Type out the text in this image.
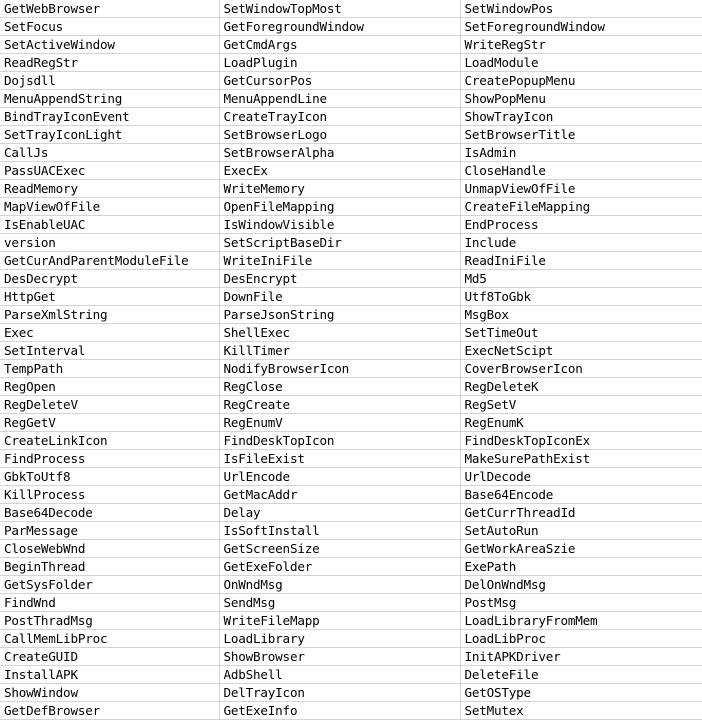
GetWebBrowser	SetWindowTopMost	SetWindowPos
SetFocus	GetForegroundWindow	SetForegroundWindow
SetActiveWindow	GetCmdArgs	WriteRegStr
ReadRegStr	LoadPlugin	LoadModule
Dojsdll	GetCursorPos	CreatePopupMenu
MenuAppendString	MenuAppendLine	ShowPopMenu
BindTrayIconEvent	CreateTrayIcon	ShowTrayIcon
SetTrayIconLight	SetBrowserLogo	SetBrowserTitle
CallJs	SetBrowserAlpha	IsAdmin
PassUACExec	ExecEx	CloseHandle
ReadMemory	WriteMemory	UnmapViewOfFile
MapViewOfFile	OpenFileMapping	CreateFileMapping
IsEnableUAC	IsWindowVisible	EndProcess
version	SetScriptBaseDir	Include
GetCurAndParentModuleFile	WriteIniFile	ReadIniFile
DesDecrypt	DesEncrypt	Md5
HttpGet	DownFile	Utf8ToGbk
ParseXmlString	ParseJsonString	MsgBox
Exec	ShellExec	SetTimeOut
SetInterval	KillTimer	ExecNetScipt
TempPath	NodifyBrowserIcon	CoverBrowserIcon
RegOpen	RegClose	RegDeleteK
RegDeleteV	RegCreate	RegSetV
RegGetV	RegEnumV	RegEnumK
CreateLinkIcon	FindDeskTopIcon	FindDeskTopIconEx
FindProcess	IsFileExist	MakeSurePathExist
GbkToUtf8	UrlEncode	UrlDecode
KillProcess	GetMacAddr	Base64Encode
Base64Decode	Delay	GetCurrThreadId
ParMessage	IsSoftInstall	SetAutoRun
CloseWebWnd	GetScreenSize	GetWorkAreaSzie
BeginThread	GetExeFolder	ExePath
GetSysFolder	OnWndMsg	DelOnWndMsg
FindWnd	SendMsg	PostMsg
PostThradMsg	WriteFileMapp	LoadLibraryFromMem
CallMemLibProc	LoadLibrary	LoadLibProc
CreateGUID	ShowBrowser	InitAPKDriver
InstallAPK	AdbShell	DeleteFile
ShowWindow	DelTrayIcon	GetOSType
GetDefBrowser	GetExeInfo	SetMutex
